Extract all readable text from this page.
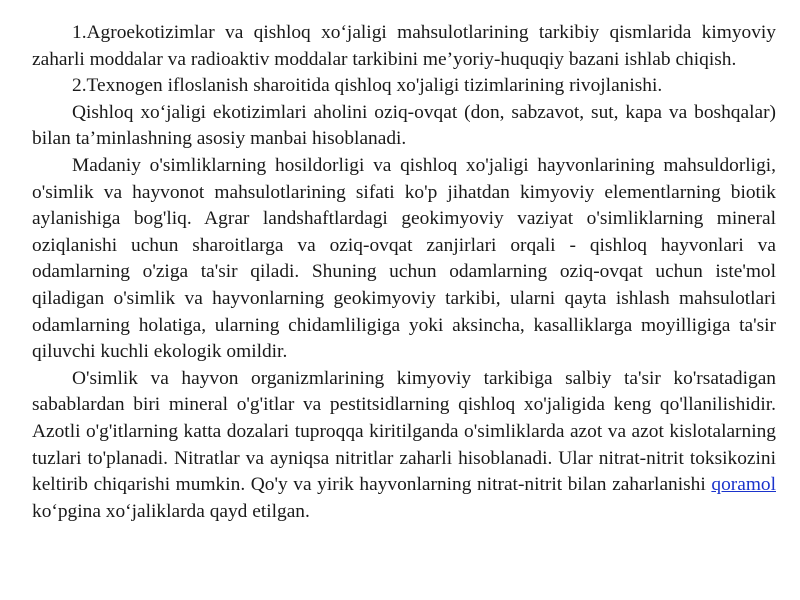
1.Agroekotizimlar va qishloq xo‘jaligi mahsulotlarining tarkibiy qismlarida kimyoviy zaharli moddalar va radioaktiv moddalar tarkibini me’yoriy-huquqiy bazani ishlab chiqish.

2.Texnogen ifloslanish sharoitida qishloq xo'jaligi tizimlarining rivojlanishi.

Qishloq xo‘jaligi ekotizimlari aholini oziq-ovqat (don, sabzavot, sut, kapa va boshqalar) bilan ta’minlashning asosiy manbai hisoblanadi.

Madaniy o'simliklarning hosildorligi va qishloq xo'jaligi hayvonlarining mahsuldorligi, o'simlik va hayvonot mahsulotlarining sifati ko'p jihatdan kimyoviy elementlarning biotik aylanishiga bog'liq. Agrar landshaftlardagi geokimyoviy vaziyat o'simliklarning mineral oziqlanishi uchun sharoitlarga va oziq-ovqat zanjirlari orqali - qishloq hayvonlari va odamlarning o'ziga ta'sir qiladi. Shuning uchun odamlarning oziq-ovqat uchun iste'mol qiladigan o'simlik va hayvonlarning geokimyoviy tarkibi, ularni qayta ishlash mahsulotlari odamlarning holatiga, ularning chidamliligiga yoki aksincha, kasalliklarga moyilligiga ta'sir qiluvchi kuchli ekologik omildir.

O'simlik va hayvon organizmlarining kimyoviy tarkibiga salbiy ta'sir ko'rsatadigan sabablardan biri mineral o'g'itlar va pestitsidlarning qishloq xo'jaligida keng qo'llanilishidir. Azotli o'g'itlarning katta dozalari tuproqqa kiritilganda o'simliklarda azot va azot kislotalarning tuzlari to'planadi. Nitratlar va ayniqsa nitritlar zaharli hisoblanadi. Ular nitrat-nitrit toksikozini keltirib chiqarishi mumkin. Qo'y va yirik hayvonlarning nitrat-nitrit bilan zaharlanishi qoramol ko‘pgina xo‘jaliklarda qayd etilgan.
